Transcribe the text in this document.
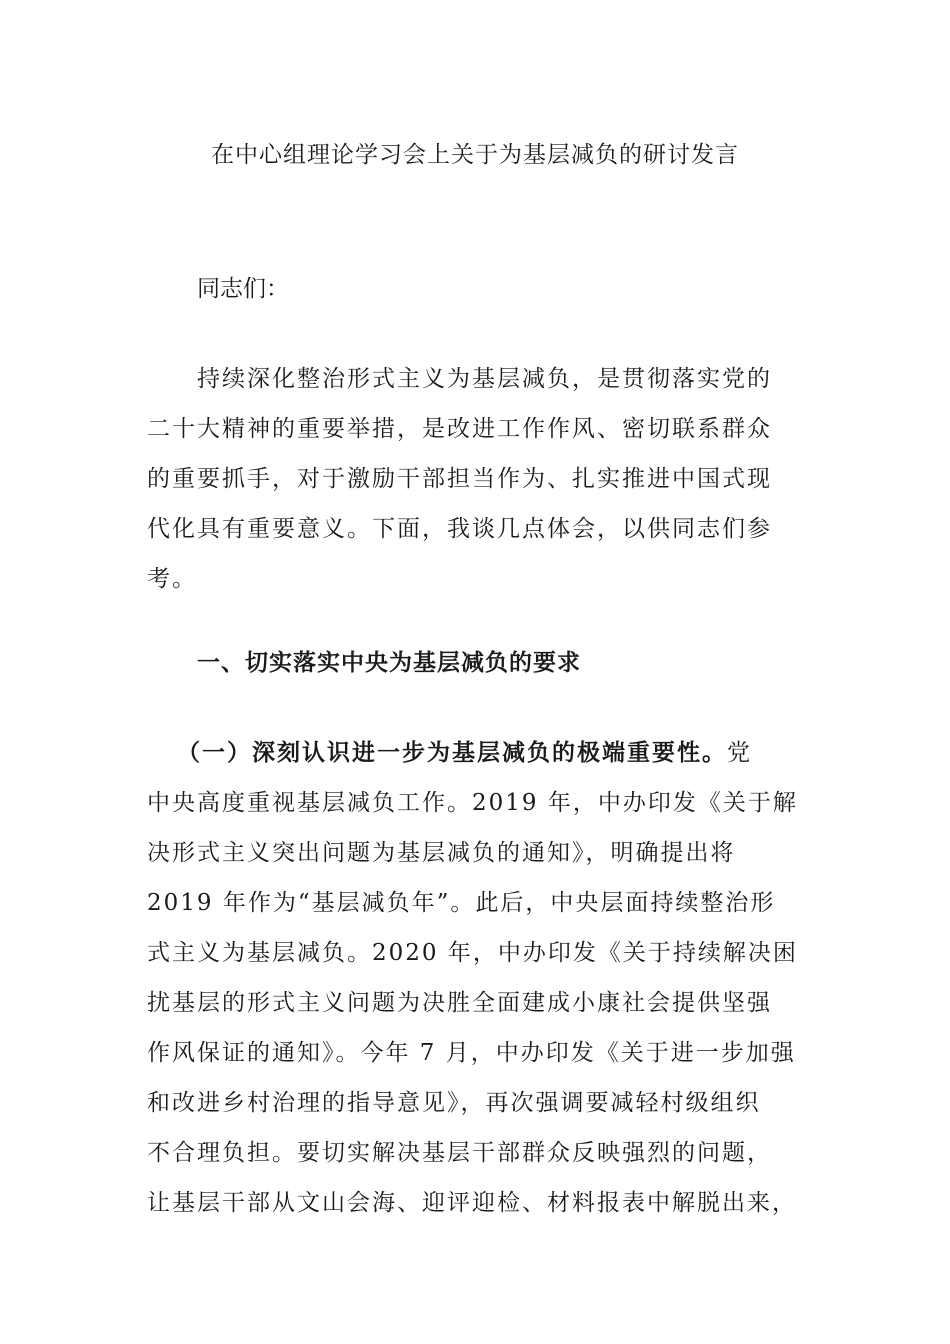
在中心组理论学习会上关于为基层减负的研讨发言
同志们：
持续深化整治形式主义为基层减负，是贯彻落实党的
二十大精神的重要举措，是改进工作作风、密切联系群众
的重要抓手，对于激励干部担当作为、扎实推进中国式现
代化具有重要意义。下面，我谈几点体会，以供同志们参
考。
一、切实落实中央为基层减负的要求
（一）深刻认识进一步为基层减负的极端重要性。党
中央高度重视基层减负工作。2019 年，中办印发《关于解
决形式主义突出问题为基层减负的通知》，明确提出将
2019 年作为“基层减负年”。此后，中央层面持续整治形
式主义为基层减负。2020 年，中办印发《关于持续解决困
扰基层的形式主义问题为决胜全面建成小康社会提供坚强
作风保证的通知》。今年 7 月，中办印发《关于进一步加强
和改进乡村治理的指导意见》，再次强调要减轻村级组织
不合理负担。要切实解决基层干部群众反映强烈的问题，
让基层干部从文山会海、迎评迎检、材料报表中解脱出来，
